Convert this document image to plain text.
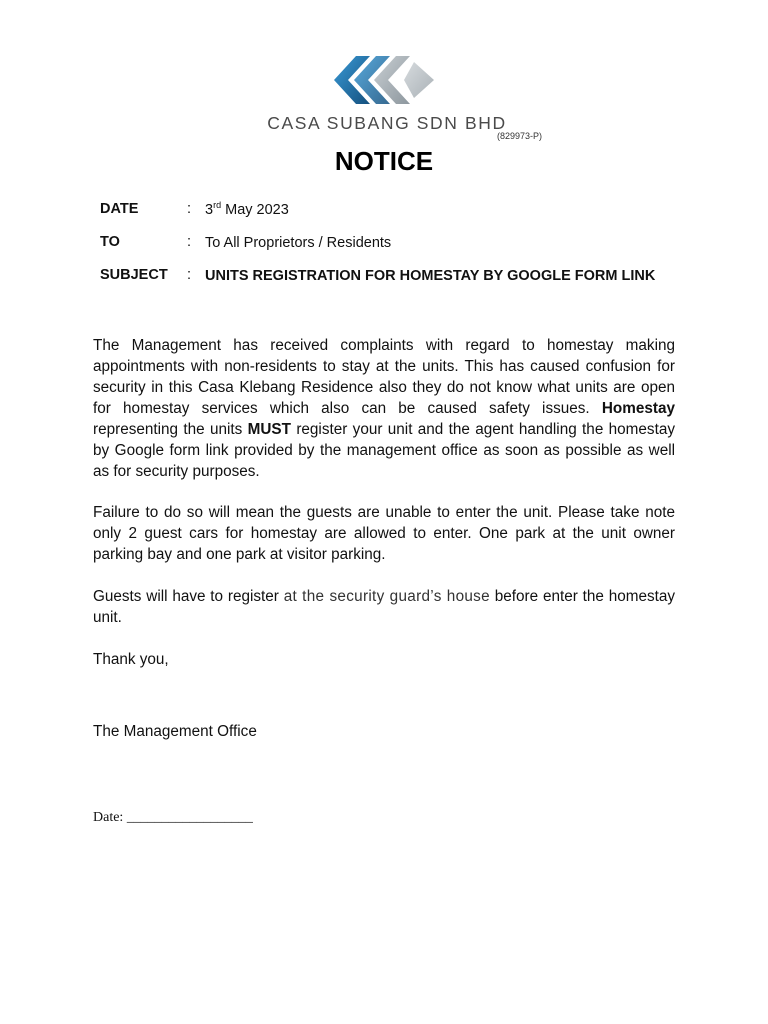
CASA SUBANG SDN BHD
(829973-P)
NOTICE
DATE	: 3rd May 2023
TO	: To All Proprietors / Residents
SUBJECT	: UNITS REGISTRATION FOR HOMESTAY BY GOOGLE FORM LINK

The Management has received complaints with regard to homestay making appointments with non-residents to stay at the units. This has caused confusion for security in this Casa Klebang Residence also they do not know what units are open for homestay services which also can be caused safety issues. Homestay representing the units MUST register your unit and the agent handling the homestay by Google form link provided by the management office as soon as possible as well as for security purposes.

Failure to do so will mean the guests are unable to enter the unit. Please take note only 2 guest cars for homestay are allowed to enter. One park at the unit owner parking bay and one park at visitor parking.

Guests will have to register at the security guard’s house before enter the homestay unit.

Thank you,

The Management Office

Date: __________________
